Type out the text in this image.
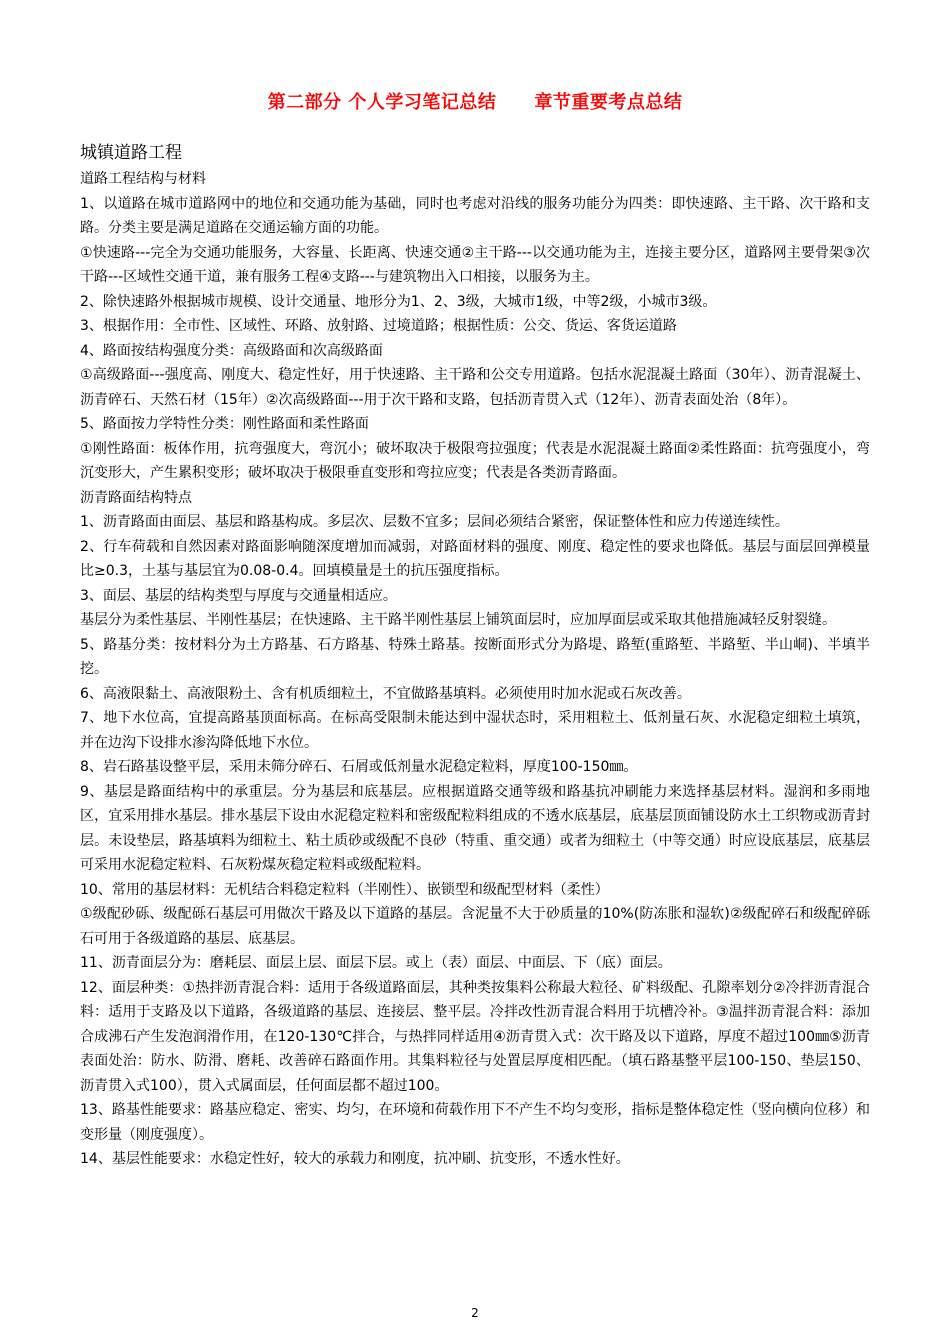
第二部分 个人学习笔记总结 章节重要考点总结

城镇道路工程

道路工程结构与材料

1、以道路在城市道路网中的地位和交通功能为基础，同时也考虑对沿线的服务功能分为四类：即快速路、主干路、次干路和支路。分类主要是满足道路在交通运输方面的功能。

①快速路---完全为交通功能服务，大容量、长距离、快速交通②主干路---以交通功能为主，连接主要分区，道路网主要骨架③次干路---区域性交通干道，兼有服务工程④支路---与建筑物出入口相接，以服务为主。

2、除快速路外根据城市规模、设计交通量、地形分为1、2、3级，大城市1级，中等2级，小城市3级。

3、根据作用：全市性、区域性、环路、放射路、过境道路；根据性质：公交、货运、客货运道路

4、路面按结构强度分类：高级路面和次高级路面

①高级路面---强度高、刚度大、稳定性好，用于快速路、主干路和公交专用道路。包括水泥混凝土路面（30年）、沥青混凝土、沥青碎石、天然石材（15年）②次高级路面---用于次干路和支路，包括沥青贯入式（12年）、沥青表面处治（8年）。

5、路面按力学特性分类：刚性路面和柔性路面

①刚性路面：板体作用，抗弯强度大，弯沉小；破坏取决于极限弯拉强度；代表是水泥混凝土路面②柔性路面：抗弯强度小，弯沉变形大，产生累积变形；破坏取决于极限垂直变形和弯拉应变；代表是各类沥青路面。

沥青路面结构特点

1、沥青路面由面层、基层和路基构成。多层次、层数不宜多；层间必须结合紧密，保证整体性和应力传递连续性。

2、行车荷载和自然因素对路面影响随深度增加而减弱，对路面材料的强度、刚度、稳定性的要求也降低。基层与面层回弹模量比≥0.3，土基与基层宜为0.08-0.4。回填模量是土的抗压强度指标。

3、面层、基层的结构类型与厚度与交通量相适应。

基层分为柔性基层、半刚性基层；在快速路、主干路半刚性基层上铺筑面层时，应加厚面层或采取其他措施减轻反射裂缝。

5、路基分类：按材料分为土方路基、石方路基、特殊土路基。按断面形式分为路堤、路堑(重路堑、半路堑、半山峒)、半填半挖。

6、高液限黏土、高液限粉土、含有机质细粒土，不宜做路基填料。必须使用时加水泥或石灰改善。

7、地下水位高，宜提高路基顶面标高。在标高受限制未能达到中湿状态时，采用粗粒土、低剂量石灰、水泥稳定细粒土填筑，并在边沟下设排水渗沟降低地下水位。

8、岩石路基设整平层，采用未筛分碎石、石屑或低剂量水泥稳定粒料，厚度100-150㎜。

9、基层是路面结构中的承重层。分为基层和底基层。应根据道路交通等级和路基抗冲刷能力来选择基层材料。湿润和多雨地区，宜采用排水基层。排水基层下设由水泥稳定粒料和密级配粒料组成的不透水底基层，底基层顶面铺设防水土工织物或沥青封层。未设垫层，路基填料为细粒土、粘土质砂或级配不良砂（特重、重交通）或者为细粒土（中等交通）时应设底基层，底基层可采用水泥稳定粒料、石灰粉煤灰稳定粒料或级配粒料。

10、常用的基层材料：无机结合料稳定粒料（半刚性）、嵌锁型和级配型材料（柔性）

①级配砂砾、级配砾石基层可用做次干路及以下道路的基层。含泥量不大于砂质量的10%(防冻胀和湿软)②级配碎石和级配碎砾石可用于各级道路的基层、底基层。

11、沥青面层分为：磨耗层、面层上层、面层下层。或上（表）面层、中面层、下（底）面层。

12、面层种类：①热拌沥青混合料：适用于各级道路面层，其种类按集料公称最大粒径、矿料级配、孔隙率划分②冷拌沥青混合料：适用于支路及以下道路，各级道路的基层、连接层、整平层。冷拌改性沥青混合料用于坑槽冷补。③温拌沥青混合料：添加合成沸石产生发泡润滑作用，在120-130℃拌合，与热拌同样适用④沥青贯入式：次干路及以下道路，厚度不超过100㎜⑤沥青表面处治：防水、防滑、磨耗、改善碎石路面作用。其集料粒径与处置层厚度相匹配。（填石路基整平层100-150、垫层150、沥青贯入式100），贯入式属面层，任何面层都不超过100。

13、路基性能要求：路基应稳定、密实、均匀，在环境和荷载作用下不产生不均匀变形，指标是整体稳定性（竖向横向位移）和变形量（刚度强度）。

14、基层性能要求：水稳定性好，较大的承载力和刚度，抗冲刷、抗变形，不透水性好。

2
